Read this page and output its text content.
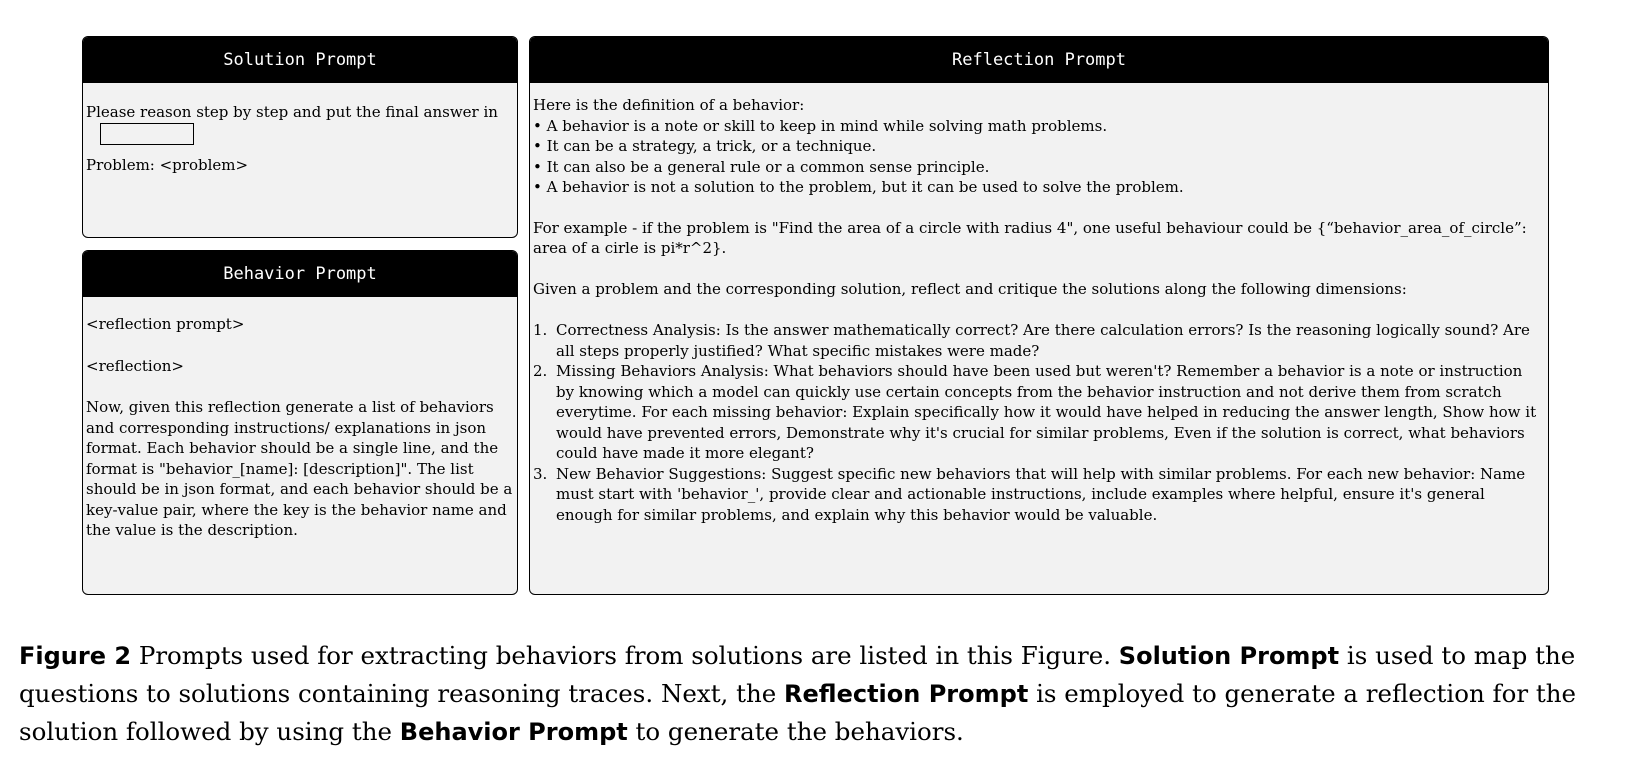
Solution Prompt

Please reason step by step and put the final answer in

Problem: <problem>

Behavior Prompt

<reflection prompt>

<reflection>

Now, given this reflection generate a list of behaviors and corresponding instructions/ explanations in json format. Each behavior should be a single line, and the format is "behavior_[name]: [description]". The list should be in json format, and each behavior should be a key-value pair, where the key is the behavior name and the value is the description.

Reflection Prompt

Here is the definition of a behavior:

• A behavior is a note or skill to keep in mind while solving math problems.
• It can be a strategy, a trick, or a technique.
• It can also be a general rule or a common sense principle.
• A behavior is not a solution to the problem, but it can be used to solve the problem.

For example - if the problem is "Find the area of a circle with radius 4", one useful behaviour could be {“behavior_area_of_circle”: area of a cirle is pi*r^2}.

Given a problem and the corresponding solution, reflect and critique the solutions along the following dimensions:

1. Correctness Analysis: Is the answer mathematically correct? Are there calculation errors? Is the reasoning logically sound? Are all steps properly justified? What specific mistakes were made?
2. Missing Behaviors Analysis: What behaviors should have been used but weren't? Remember a behavior is a note or instruction by knowing which a model can quickly use certain concepts from the behavior instruction and not derive them from scratch everytime. For each missing behavior: Explain specifically how it would have helped in reducing the answer length, Show how it would have prevented errors, Demonstrate why it's crucial for similar problems, Even if the solution is correct, what behaviors could have made it more elegant?
3. New Behavior Suggestions: Suggest specific new behaviors that will help with similar problems. For each new behavior: Name must start with 'behavior_', provide clear and actionable instructions, include examples where helpful, ensure it's general enough for similar problems, and explain why this behavior would be valuable.
Figure 2 Prompts used for extracting behaviors from solutions are listed in this Figure. Solution Prompt is used to map the questions to solutions containing reasoning traces. Next, the Reflection Prompt is employed to generate a reflection for the solution followed by using the Behavior Prompt to generate the behaviors.
